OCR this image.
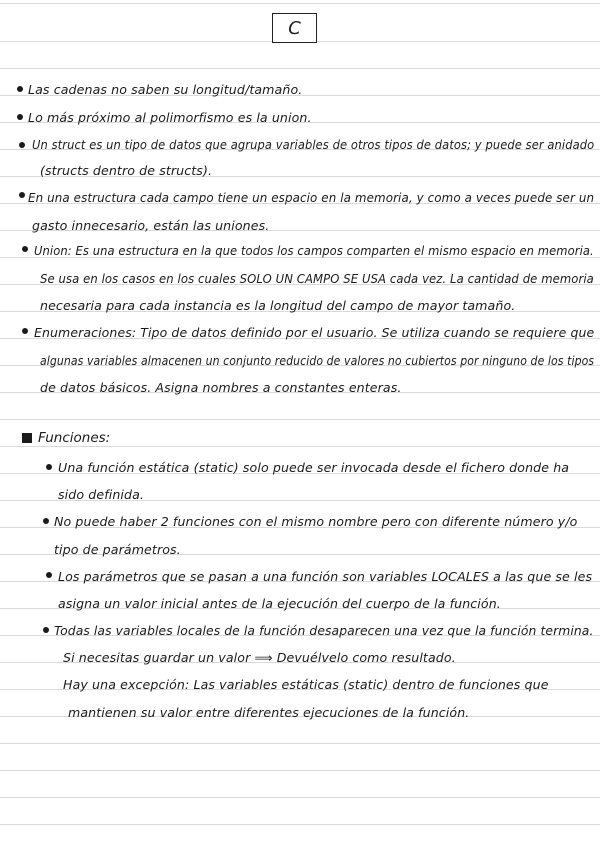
C
Las cadenas no saben su longitud/tamaño.
Lo más próximo al polimorfismo es la union.
Un struct es un tipo de datos que agrupa variables de otros tipos de datos; y puede ser anidado
(structs dentro de structs).
En una estructura cada campo tiene un espacio en la memoria, y como a veces puede ser un
gasto innecesario, están las uniones.
Union: Es una estructura en la que todos los campos comparten el mismo espacio en memoria.
Se usa en los casos en los cuales SOLO UN CAMPO SE USA cada vez. La cantidad de memoria
necesaria para cada instancia es la longitud del campo de mayor tamaño.
Enumeraciones: Tipo de datos definido por el usuario. Se utiliza cuando se requiere que
algunas variables almacenen un conjunto reducido de valores no cubiertos por ninguno de los tipos
de datos básicos. Asigna nombres a constantes enteras.
Funciones:
Una función estática (static) solo puede ser invocada desde el fichero donde ha
sido definida.
No puede haber 2 funciones con el mismo nombre pero con diferente número y/o
tipo de parámetros.
Los parámetros que se pasan a una función son variables LOCALES a las que se les
asigna un valor inicial antes de la ejecución del cuerpo de la función.
Todas las variables locales de la función desaparecen una vez que la función termina.
Si necesitas guardar un valor ⟹ Devuélvelo como resultado.
Hay una excepción: Las variables estáticas (static) dentro de funciones que
mantienen su valor entre diferentes ejecuciones de la función.
